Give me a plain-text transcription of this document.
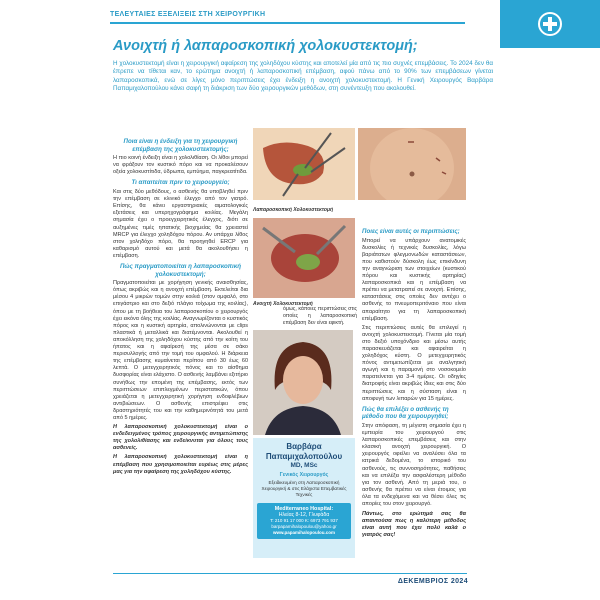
ΤΕΛΕΥΤΑΙΕΣ ΕΞΕΛΙΞΕΙΣ ΣΤΗ ΧΕΙΡΟΥΡΓΙΚΗ
Ανοιχτή ή λαπαροσκοπική χολοκυστεκτομή;

Η χολοκυστεκτομή είναι η χειρουργική αφαίρεση της χοληδόχου κύστης και αποτελεί μία από τις πιο συχνές επεμβάσεις. Το 2024 δεν θα έπρεπε να τίθεται καν, το ερώτημα ανοιχτή ή λαπαροσκοπική επέμβαση, αφού πάνω από το 90% των επεμβάσεων γίνεται λαπαροσκοπικά, ενώ σε λίγες μόνο περιπτώσεις έχει ένδειξη η ανοιχτή χολοκυστεκτομή. Η Γενική Χειρουργός Βαρβάρα Παπαμιχαλοπούλου κάνει σαφή τη διάκριση των δύο χειρουργικών μεθόδων, στη συνέντευξη που ακολουθεί.

Ποια είναι η ένδειξη για τη χειρουργική επέμβαση της χολοκυστεκτομής;

Η πιο κοινή ένδειξη είναι η χολολιθίαση. Οι λίθοι μπορεί να φράξουν τον κυστικό πόρο και να προκαλέσουν οξεία χολοκυστίτιδα, ύδρωπα, εμπύημα, παγκρεατίτιδα.

Τι απαιτείται πριν το χειρουργείο;

Και στις δύο μεθόδους, ο ασθενής θα υποβληθεί πριν την επέμβαση σε κλινικό έλεγχο από τον γιατρό. Επίσης, θα κάνει εργαστηριακές αιματολογικές εξετάσεις και υπερηχογράφημα κοιλίας. Μεγάλη σημασία έχει ο προεγχειρητικός έλεγχος, διότι σε αυξημένες τιμές ηπατικής βιοχημείας θα χρειαστεί MRCP για έλεγχο χοληδόχου πόρου. Αν υπάρχει λίθος στον χοληδόχο πόρο, θα προηγηθεί ERCP για καθαρισμό αυτού και μετά θα ακολουθήσει η επέμβαση.

Πώς πραγματοποιείται η λαπαροσκοπική χολοκυστεκτομή;

Πραγματοποιείται με χορήγηση γενικής αναισθησίας, όπως ακριβώς και η ανοιχτή επέμβαση. Εκτελείται δια μέσου 4 μικρών τομών στην κοιλιά (στον ομφαλό, στο επιγάστριο και στο δεξιό πλάγιο τοίχωμα της κοιλίας), όπου με τη βοήθεια του λαπαροσκοπίου ο χειρουργός έχει εικόνα όλης της κοιλίας. Αναγνωρίζονται ο κυστικός πόρος και η κυστική αρτηρία, απολινώνονται με clips πλαστικά ή μεταλλικά και διατέμνονται. Ακολουθεί η αποκόλληση της χοληδόχου κύστης από την κοίτη του ήπατος και η αφαίρεσή της μέσα σε σάκο περισυλλογής από την τομή του ομφαλού. Η διάρκεια της επέμβασης κυμαίνεται περίπου από 30 έως 60 λεπτά. Ο μετεγχειρητικός πόνος και το αίσθημα δυσφορίας είναι ελάχιστο. Ο ασθενής λαμβάνει εξιτήριο συνήθως την επομένη της επέμβασης, εκτός των περιπτώσεων επιπλεγμένων περιστατικών, όπου χρειάζεται η μετεγχειρητική χορήγηση ενδοφλέβιων αντιβιώσεων. Ο ασθενής επιστρέφει στις δραστηριότητές του και την καθημερινότητά του μετά από 5 ημέρες.

Η λαπαροσκοπική χολοκυστεκτομή είναι ο ενδεδειγμένος τρόπος χειρουργικής αντιμετώπισης της χολολιθίασης και ενδείκνυται για όλους τους ασθενείς.

Η λαπαροσκοπική χολοκυστεκτομή είναι η επέμβαση που χρησιμοποιείται ευρέως στις μέρες μας για την αφαίρεση της χοληδόχου κύστης.

Λαπαροσκοπική Χολοκυστεκτομή
Ανοιχτή Χολοκυστεκτομή

όμως, κάποιες περιπτώσεις στις οποίες η λαπαροσκοπική επέμβαση δεν είναι εφικτή.

Ποιες είναι αυτές οι περιπτώσεις;

Μπορεί να υπάρχουν ανατομικές δυσκολίες ή τεχνικές δυσκολίες, λόγω βαριάτατων φλεγμονωδών καταστάσεων, που καθιστούν δύσκολη έως επικίνδυνη την αναγνώριση των στοιχείων (κυστικού πόρου και κυστικής αρτηρίας) λαπαροσκοπικά και η επέμβαση να πρέπει να μετατραπεί σε ανοιχτή. Επίσης, καταστάσεις στις οποίες δεν αντέχει ο ασθενής το πνευμοπεριτόναιο που είναι απαραίτητο για τη λαπαροσκοπική επέμβαση.

Στις περιπτώσεις αυτές θα επιλεγεί η ανοιχτή χολοκυστεκτομή. Γίνεται μία τομή στο δεξιό υποχόνδριο και μέσω αυτής παρασκευάζεται και αφαιρείται η χοληδόχος κύστη. Ο μετεγχειρητικός πόνος αντιμετωπίζεται με αναλγητική αγωγή και η παραμονή στο νοσοκομείο παρατείνεται για 3-4 ημέρες. Οι οδηγίες διατροφής είναι ακριβώς ίδιες και στις δύο περιπτώσεις και η σύσταση είναι η αποφυγή των λιπαρών για 15 ημέρες.

Πώς θα επιλέξει ο ασθενής τη μέθοδο που θα χειρουργηθεί;

Στην απόφαση, τη μέγιστη σημασία έχει η εμπειρία του χειρουργού στις λαπαροσκοπικές επεμβάσεις και στην κλασική ανοιχτή χειρουργική. Ο χειρουργός οφείλει να αναλύσει όλα τα ιατρικά δεδομένα, το ιστορικό του ασθενούς, τις συννοσηρότητες, παθήσεις και να επιλέξει την ασφαλέστερη μέθοδο για τον ασθενή. Από τη μεριά του, ο ασθενής θα πρέπει να είναι έτοιμος για όλα τα ενδεχόμενα και να θέσει όλες τις απορίες του στον χειρουργό.

Πάντως, στο ερώτημά σας θα απαντούσα πως η καλύτερη μέθοδος είναι αυτή που έχει πολύ καλά ο γιατρός σας!

Βαρβάρα Παπαμιχαλοπούλου
MD, MSc
Γενικός Χειρουργός
Εξειδικευμένη στη Λαπαροσκοπική Χειρουργική & στις Ελάχιστα Επεμβατικές Τεχνικές
Mediterraneo Hospital:
Ηλείας 8-12, Γλυφάδα
T: 210 91 17 000 K: 6973 791 937
barpapamihalopoulou@yahoo.gr
www.papamihalopoulou.com
ΔΕΚΕΜΒΡΙΟΣ 2024
